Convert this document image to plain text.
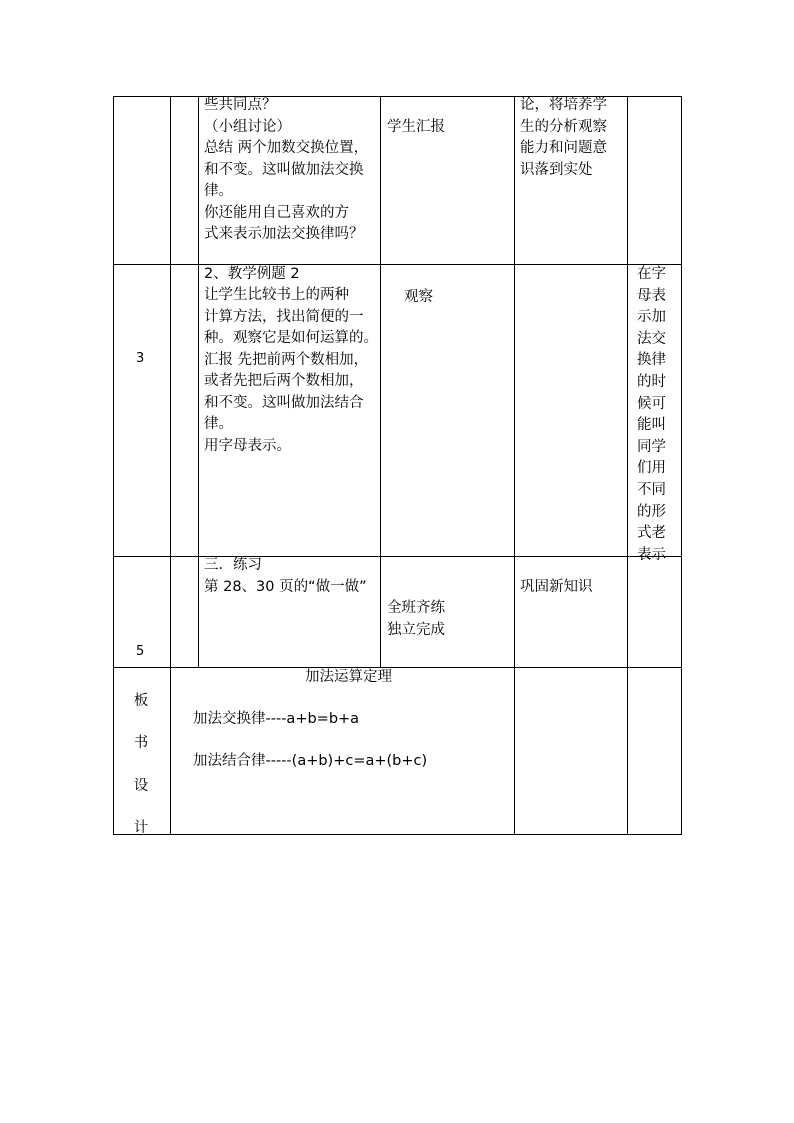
些共同点？
（小组讨论）
总结 两个加数交换位置，
和不变。这叫做加法交换
律。
你还能用自己喜欢的方
式来表示加法交换律吗？
学生汇报
论，将培养学
生的分析观察
能力和问题意
识落到实处
3
2、教学例题 2
让学生比较书上的两种
计算方法，找出简便的一
种。观察它是如何运算的。
汇报 先把前两个数相加，
或者先把后两个数相加，
和不变。这叫做加法结合
律。
用字母表示。
观察
在字
母表
示加
法交
换律
的时
候可
能叫
同学
们用
不同
的形
式老
表示
5
三．练习
第 28、30 页的“做一做”
全班齐练
独立完成
巩固新知识
板
书
设
计
加法运算定理
加法交换律----a+b=b+a
加法结合律-----(a+b)+c=a+(b+c)
